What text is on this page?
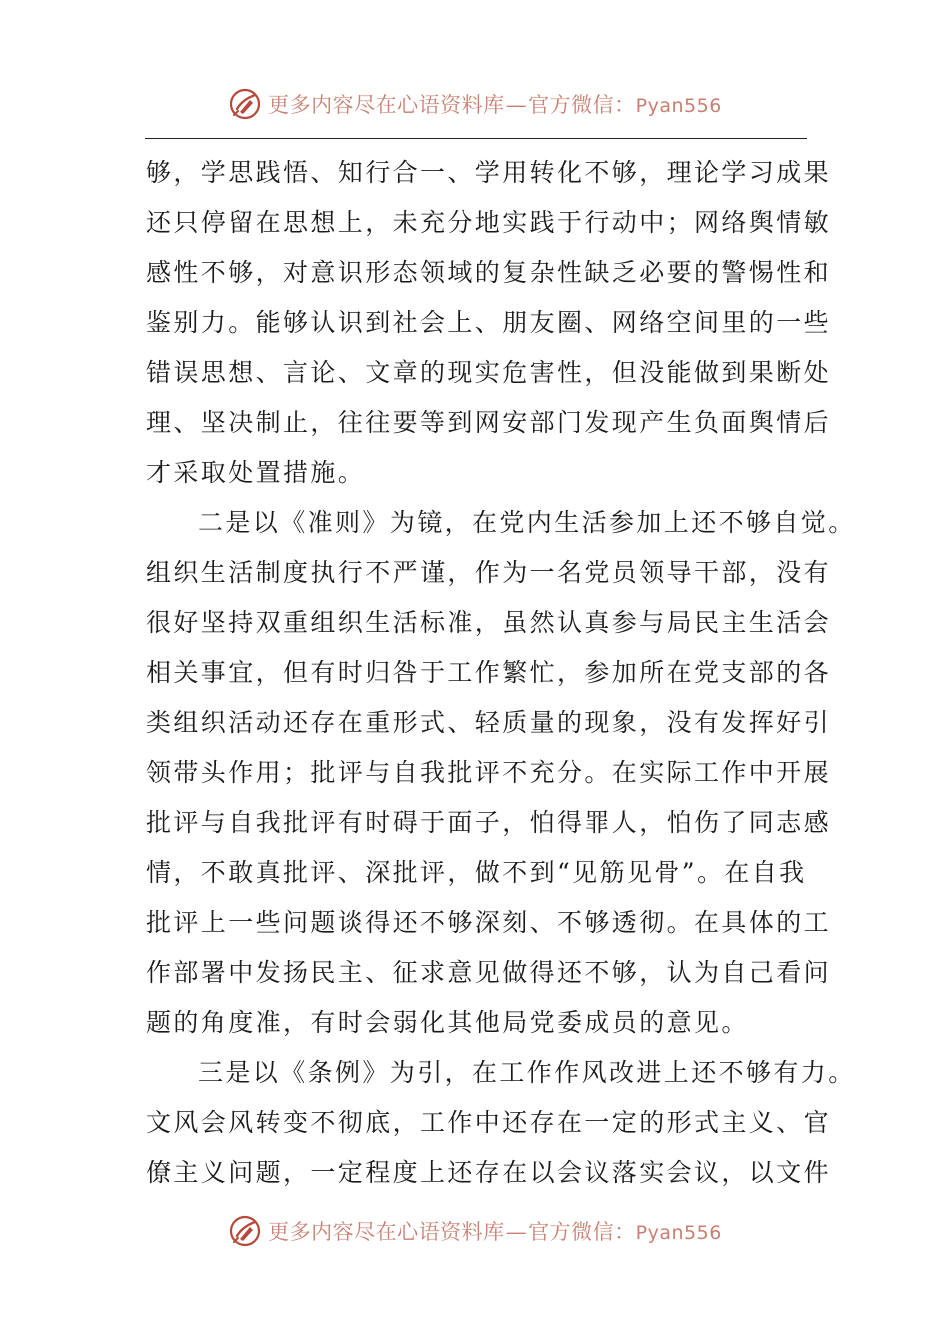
更多内容尽在心语资料库—官方微信：Pyan556
够，学思践悟、知行合一、学用转化不够，理论学习成果
还只停留在思想上，未充分地实践于行动中；网络舆情敏
感性不够，对意识形态领域的复杂性缺乏必要的警惕性和
鉴别力。能够认识到社会上、朋友圈、网络空间里的一些
错误思想、言论、文章的现实危害性，但没能做到果断处
理、坚决制止，往往要等到网安部门发现产生负面舆情后
才采取处置措施。
二是以《准则》为镜，在党内生活参加上还不够自觉。
组织生活制度执行不严谨，作为一名党员领导干部，没有
很好坚持双重组织生活标准，虽然认真参与局民主生活会
相关事宜，但有时归咎于工作繁忙，参加所在党支部的各
类组织活动还存在重形式、轻质量的现象，没有发挥好引
领带头作用；批评与自我批评不充分。在实际工作中开展
批评与自我批评有时碍于面子，怕得罪人，怕伤了同志感
情，不敢真批评、深批评，做不到“见筋见骨”。在自我
批评上一些问题谈得还不够深刻、不够透彻。在具体的工
作部署中发扬民主、征求意见做得还不够，认为自己看问
题的角度准，有时会弱化其他局党委成员的意见。
三是以《条例》为引，在工作作风改进上还不够有力。
文风会风转变不彻底，工作中还存在一定的形式主义、官
僚主义问题，一定程度上还存在以会议落实会议，以文件
更多内容尽在心语资料库—官方微信：Pyan556
